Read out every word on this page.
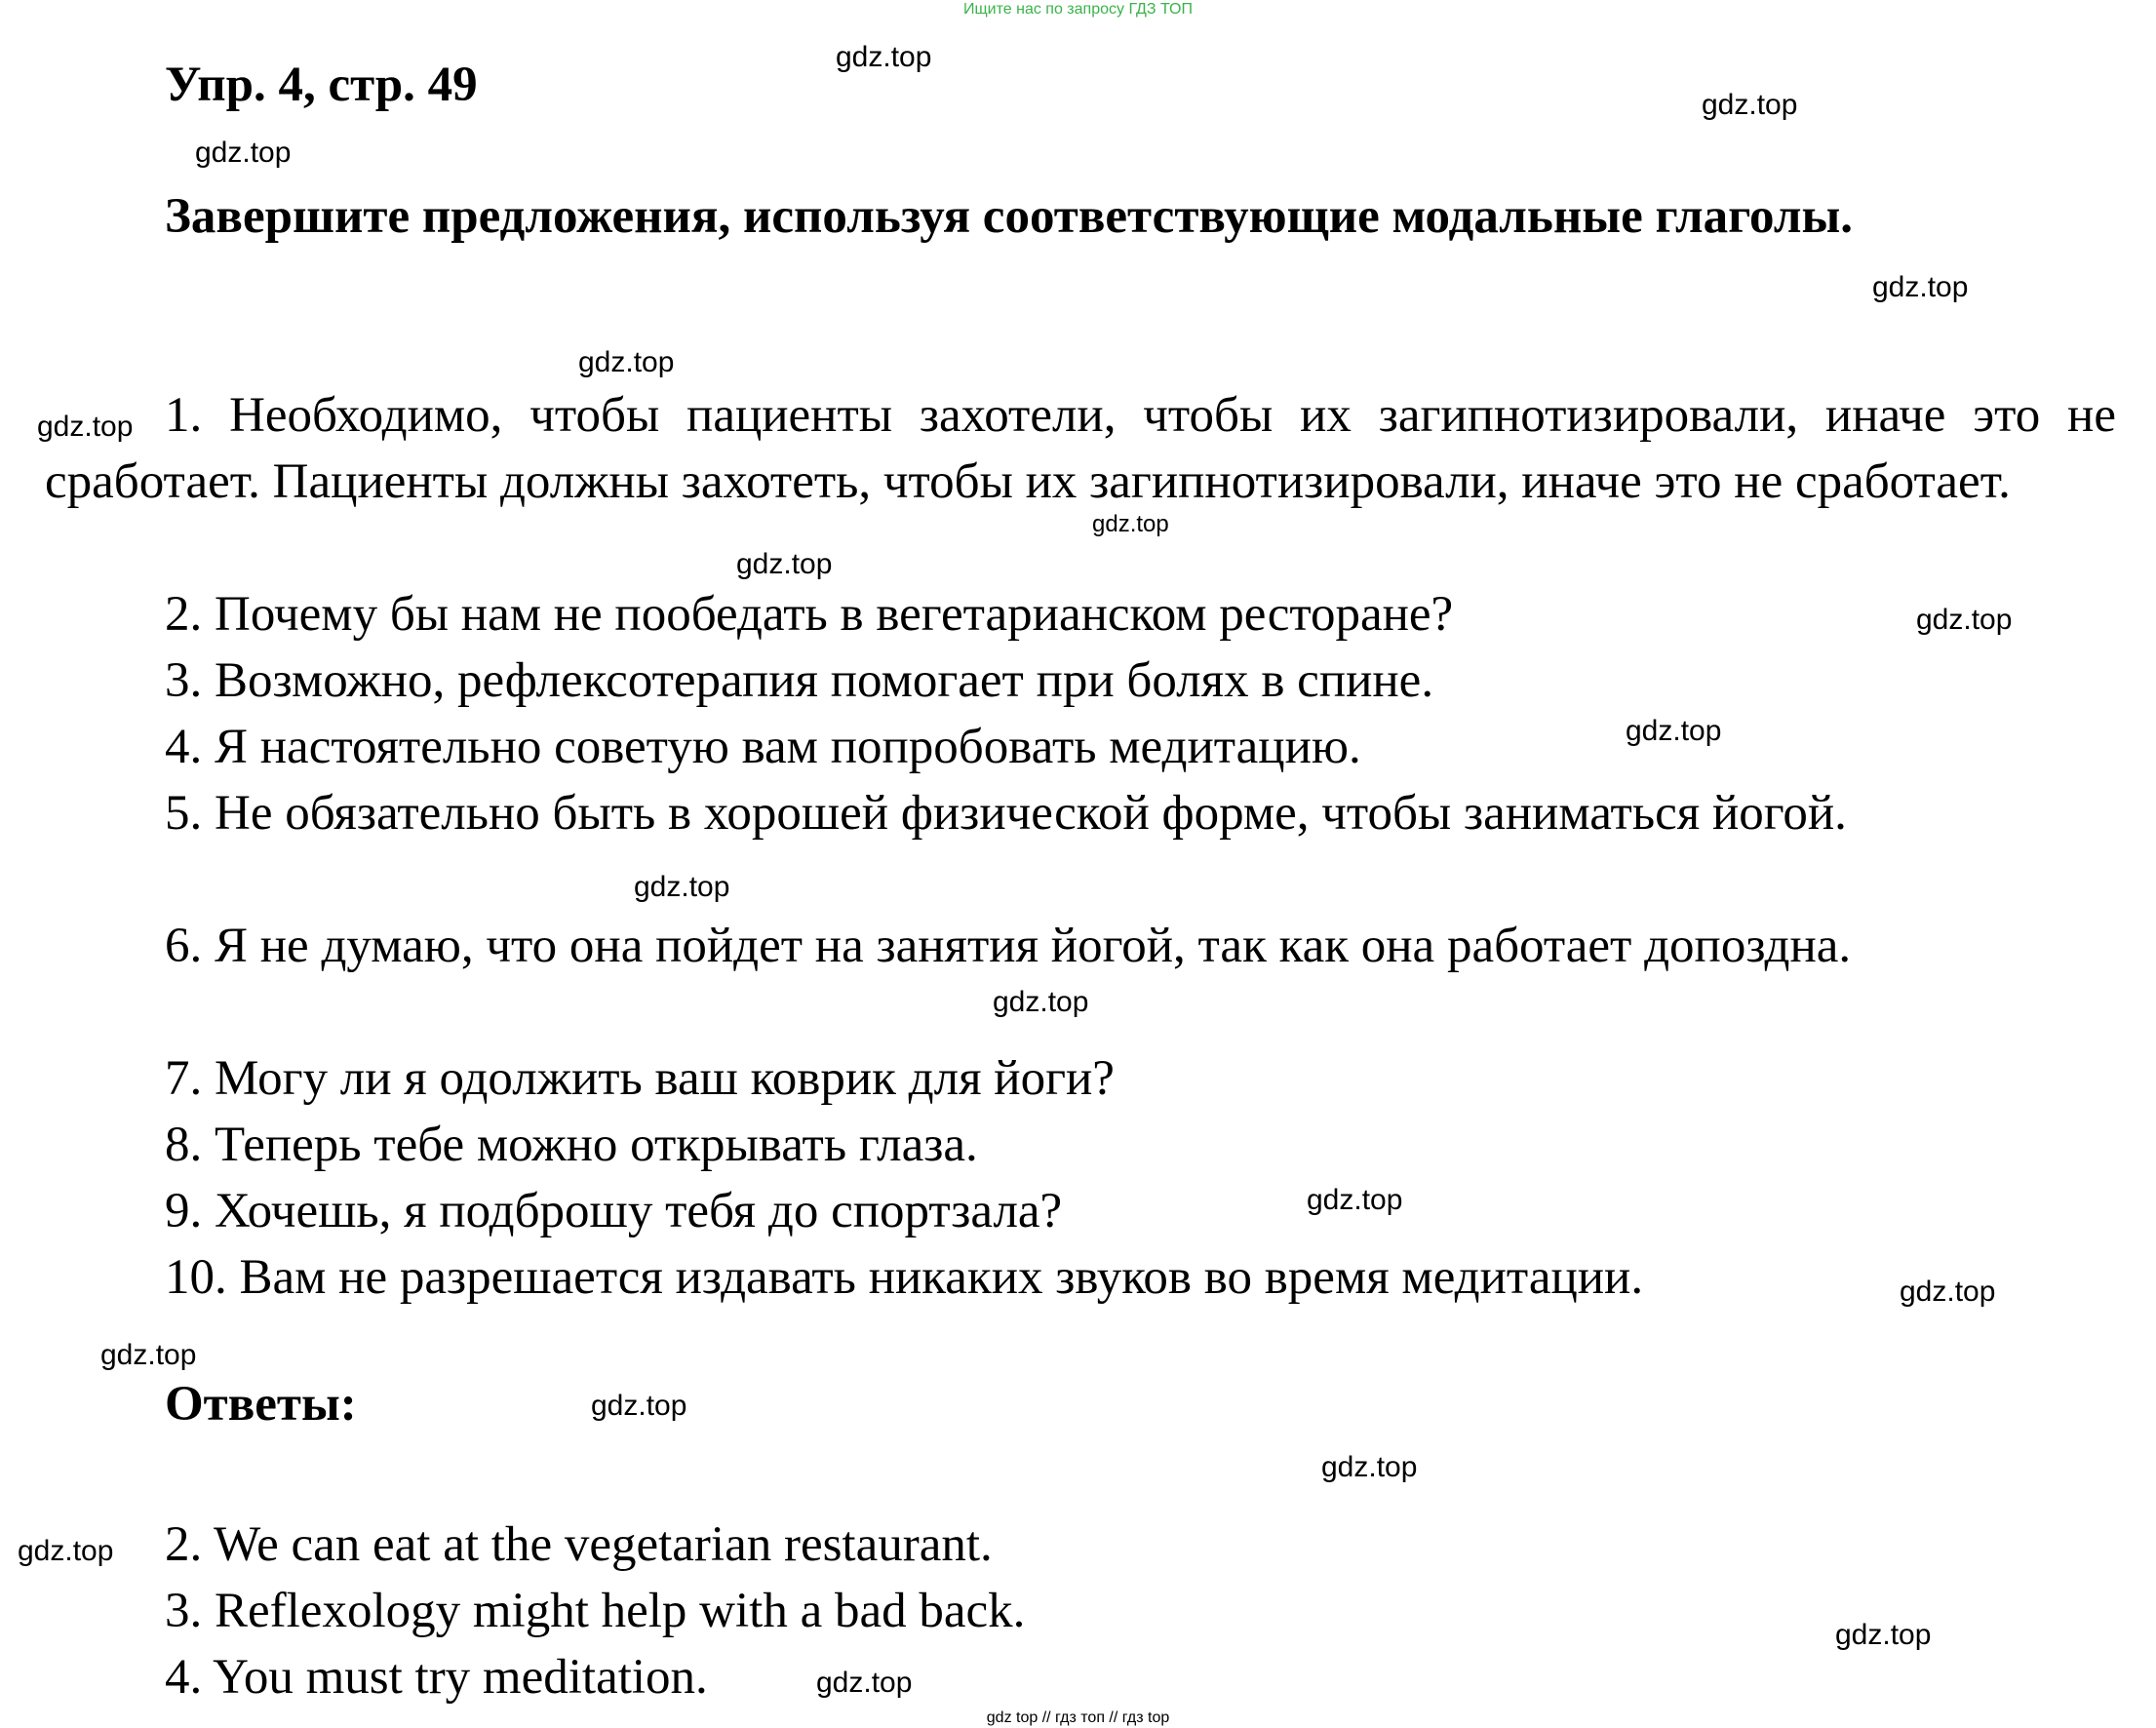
Ищите нас по запросу ГДЗ ТОП
Упр. 4, стр. 49

Завершите предложения, используя соответствующие модальные глаголы.

1. Необходимо, чтобы пациенты захотели, чтобы их загипнотизировали, иначе это не сработает. Пациенты должны захотеть, чтобы их загипнотизировали, иначе это не сработает.

2. Почему бы нам не пообедать в вегетарианском ресторане?
3. Возможно, рефлексотерапия помогает при болях в спине.
4. Я настоятельно советую вам попробовать медитацию.

5. Не обязательно быть в хорошей физической форме, чтобы заниматься йогой.

6. Я не думаю, что она пойдет на занятия йогой, так как она работает допоздна.

7. Могу ли я одолжить ваш коврик для йоги?
8. Теперь тебе можно открывать глаза.
9. Хочешь, я подброшу тебя до спортзала?
10. Вам не разрешается издавать никаких звуков во время медитации.
Ответы:
2. We can eat at the vegetarian restaurant.
3. Reflexology might help with a bad back.
4. You must try meditation.
gdz.top
gdz.top
gdz.top
gdz.top
gdz.top
gdz.top
gdz.top
gdz.top
gdz.top
gdz.top
gdz.top
gdz.top
gdz.top
gdz.top
gdz.top
gdz.top
gdz.top
gdz.top
gdz.top
gdz.top
gdz top // гдз топ // гдз top
